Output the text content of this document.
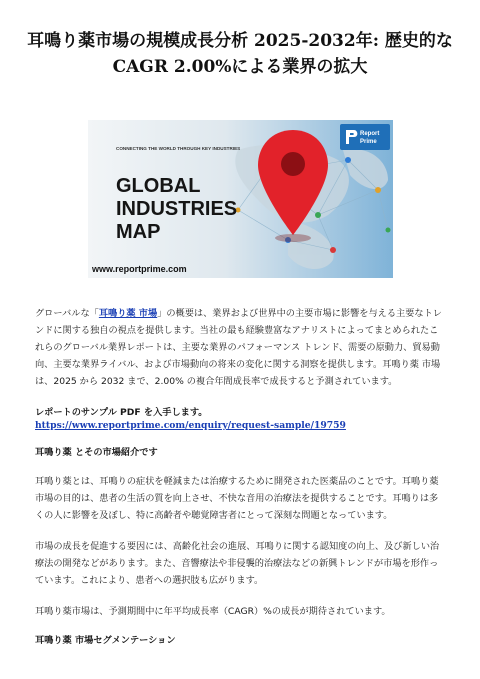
耳鳴り薬市場の規模成長分析 2025-2032年: 歴史的なCAGR 2.00%による業界の拡大
CONNECTING THE WORLD THROUGH KEY INDUSTRIES
GLOBAL
INDUSTRIES
MAP
www.reportprime.com
Report
Prime

グローバルな「耳鳴り薬 市場」の概要は、業界および世界中の主要市場に影響を与える主要なトレンドに関する独自の視点を提供します。当社の最も経験豊富なアナリストによってまとめられたこれらのグローバル業界レポートは、主要な業界のパフォーマンス トレンド、需要の原動力、貿易動向、主要な業界ライバル、および市場動向の将来の変化に関する洞察を提供します。耳鳴り薬 市場は、2025 から 2032 まで、2.00% の複合年間成長率で成長すると予測されています。

レポートのサンプル PDF を入手します。 https://www.reportprime.com/enquiry/request-sample/19759

耳鳴り薬 とその市場紹介です

耳鳴り薬とは、耳鳴りの症状を軽減または治療するために開発された医薬品のことです。耳鳴り薬市場の目的は、患者の生活の質を向上させ、不快な音用の治療法を提供することです。耳鳴りは多くの人に影響を及ぼし、特に高齢者や聴覚障害者にとって深刻な問題となっています。

市場の成長を促進する要因には、高齢化社会の進展、耳鳴りに関する認知度の向上、及び新しい治療法の開発などがあります。また、音響療法や非侵襲的治療法などの新興トレンドが市場を形作っています。これにより、患者への選択肢も広がります。

耳鳴り薬市場は、予測期間中に年平均成長率（CAGR）%の成長が期待されています。

耳鳴り薬 市場セグメンテーション
